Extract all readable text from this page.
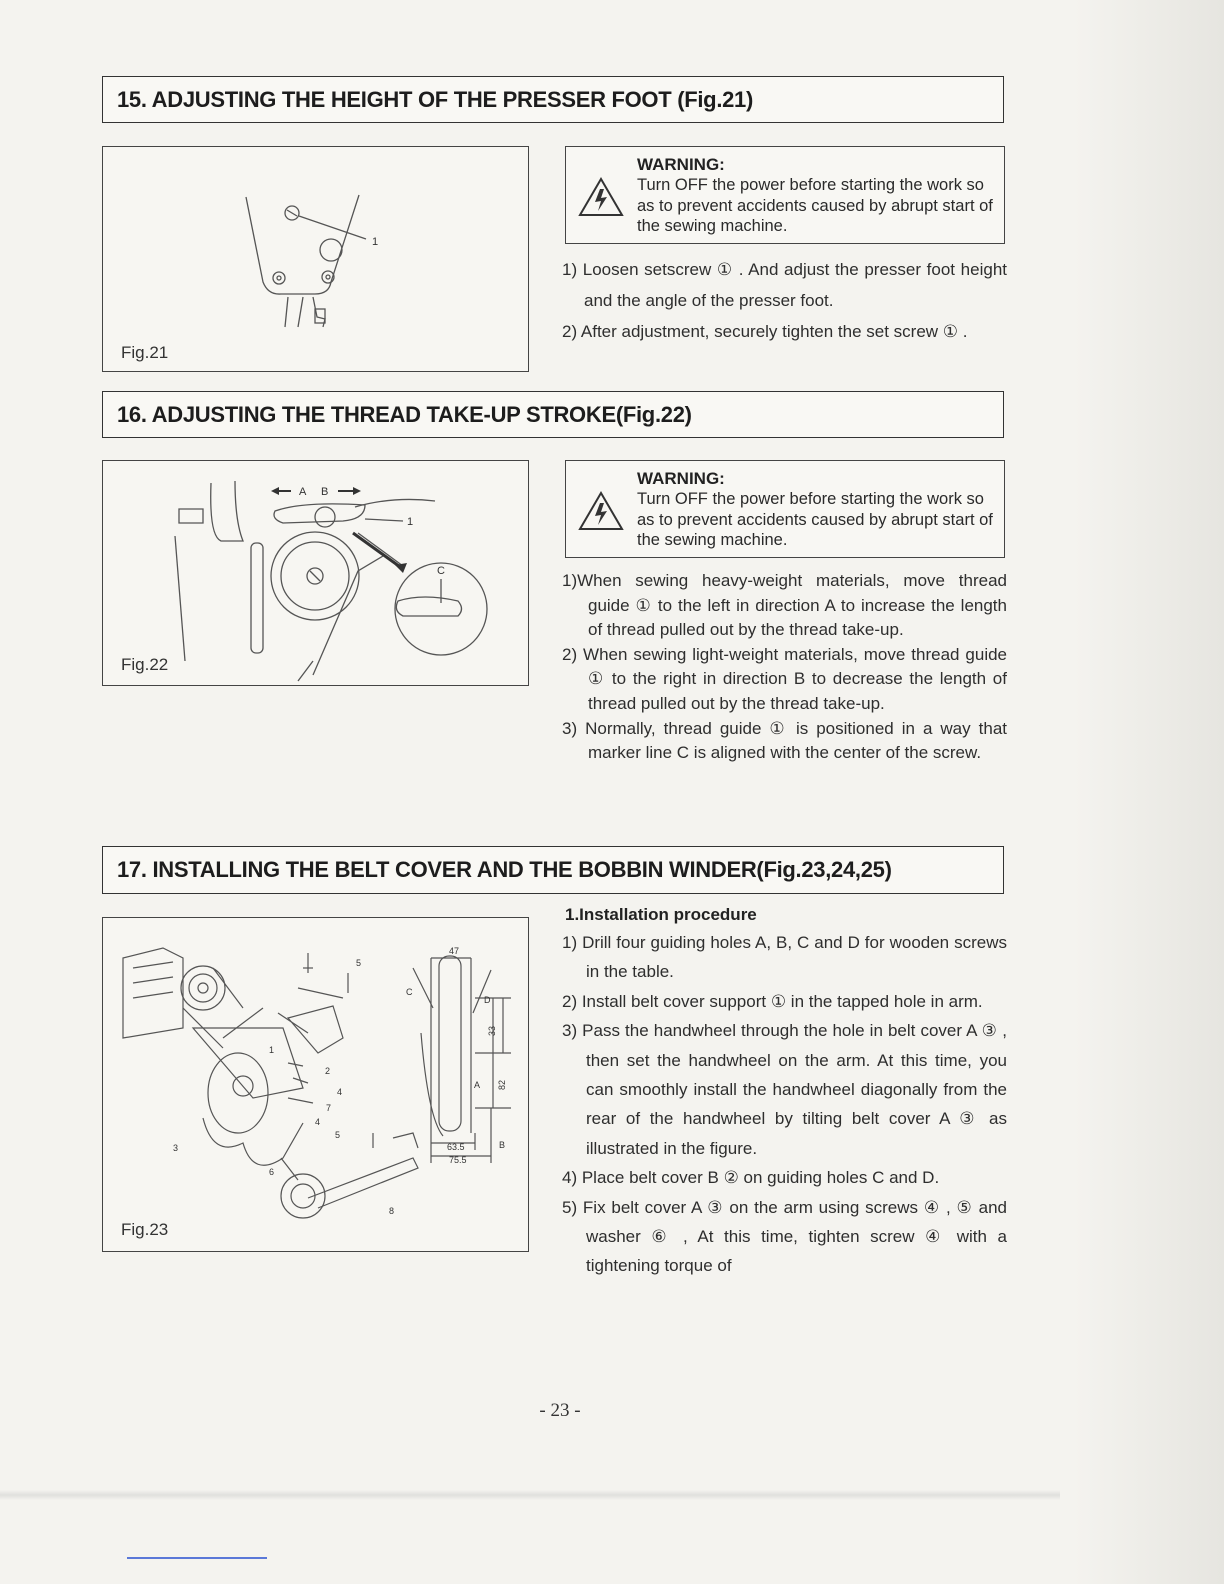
15. ADJUSTING THE HEIGHT OF THE PRESSER FOOT (Fig.21)
1
Fig.21
WARNING:
Turn OFF the power before starting the work so as to prevent accidents caused by abrupt start of the sewing machine.
1) Loosen setscrew ① . And adjust the presser foot height and the angle of the presser foot.
2) After adjustment, securely tighten the set screw ① .
16. ADJUSTING THE THREAD TAKE-UP STROKE(Fig.22)
A B
1
C
Fig.22
WARNING:
Turn OFF the power before starting the work so as to prevent accidents caused by abrupt start of the sewing machine.
1)When sewing heavy-weight materials, move thread guide ① to the left in direction A to increase the length of thread pulled out by the thread take-up.
2) When sewing light-weight materials, move thread guide ① to the right in direction B to decrease the length of thread pulled out by the thread take-up.
3) Normally, thread guide ① is positioned in a way that marker line C is aligned with the center of the screw.
17. INSTALLING THE BELT COVER AND THE BOBBIN WINDER(Fig.23,24,25)
5
1
2
4
7
4
5
3
6
8
C
D
A
B
47
33
82
63.5
75.5
Fig.23
1.Installation procedure
1) Drill four guiding holes A, B, C and D for wooden screws in the table.
2) Install belt cover support ① in the tapped hole in arm.
3) Pass the handwheel through the hole in belt cover A ③ , then set the handwheel on the arm. At this time, you can smoothly install the handwheel diagonally from the rear of the handwheel by tilting belt cover A ③ as illustrated in the figure.
4) Place belt cover B ② on guiding holes C and D.
5) Fix belt cover A ③ on the arm using screws ④ , ⑤ and washer ⑥ , At this time, tighten screw ④ with a tightening torque of
- 23 -
